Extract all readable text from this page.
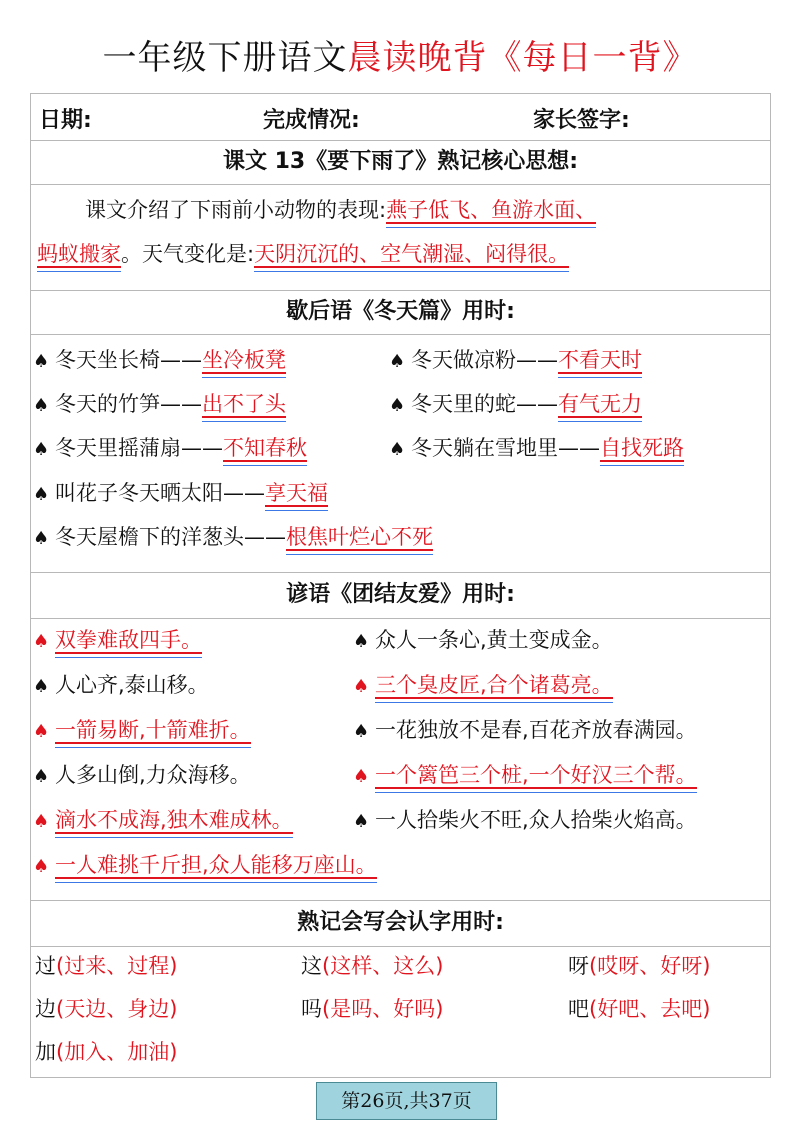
一年级下册语文晨读晚背《每日一背》
日期:	完成情况:	家长签字:
课文 13《要下雨了》熟记核心思想:
课文介绍了下雨前小动物的表现:燕子低飞、鱼游水面、
蚂蚁搬家。天气变化是:天阴沉沉的、空气潮湿、闷得很。
歇后语《冬天篇》用时:
♠ 冬天坐长椅——坐冷板凳	♠ 冬天做凉粉——不看天时
♠ 冬天的竹笋——出不了头	♠ 冬天里的蛇——有气无力
♠ 冬天里摇蒲扇——不知春秋	♠ 冬天躺在雪地里——自找死路
♠ 叫花子冬天晒太阳——享天福
♠ 冬天屋檐下的洋葱头——根焦叶烂心不死
谚语《团结友爱》用时:
♠ 双拳难敌四手。	♠ 众人一条心,黄土变成金。
♠ 人心齐,泰山移。	♠ 三个臭皮匠,合个诸葛亮。
♠ 一箭易断,十箭难折。	♠ 一花独放不是春,百花齐放春满园。
♠ 人多山倒,力众海移。	♠ 一个篱笆三个桩,一个好汉三个帮。
♠ 滴水不成海,独木难成林。	♠ 一人拾柴火不旺,众人拾柴火焰高。
♠ 一人难挑千斤担,众人能移万座山。
熟记会写会认字用时:
过(过来、过程)	这(这样、这么)	呀(哎呀、好呀)
边(天边、身边)	吗(是吗、好吗)	吧(好吧、去吧)
加(加入、加油)
第26页,共37页
